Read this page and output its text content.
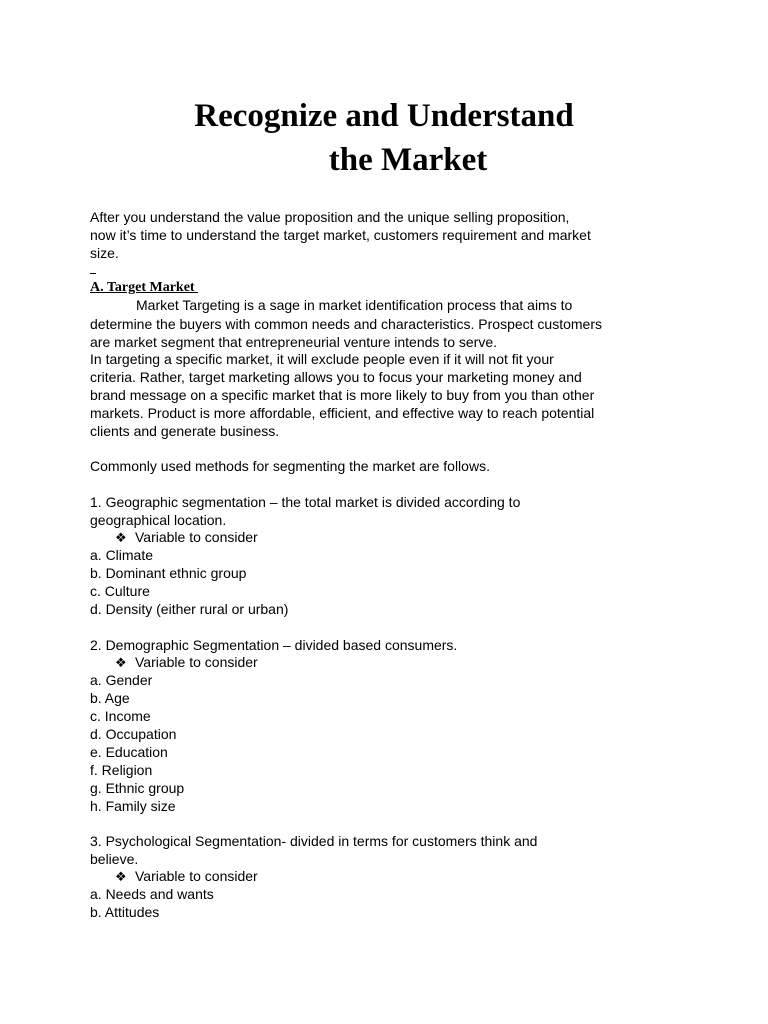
Recognize and Understand
the Market

After you understand the value proposition and the unique selling proposition,

now it’s time to understand the target market, customers requirement and market

size.

A. Target Market

Market Targeting is a sage in market identification process that aims to

determine the buyers with common needs and characteristics. Prospect customers

are market segment that entrepreneurial venture intends to serve.

In targeting a specific market, it will exclude people even if it will not fit your

criteria. Rather, target marketing allows you to focus your marketing money and

brand message on a specific market that is more likely to buy from you than other

markets. Product is more affordable, efficient, and effective way to reach potential

clients and generate business.

Commonly used methods for segmenting the market are follows.

1. Geographic segmentation – the total market is divided according to

geographical location.

❖ Variable to consider

a. Climate

b. Dominant ethnic group

c. Culture

d. Density (either rural or urban)

2. Demographic Segmentation – divided based consumers.

❖ Variable to consider

a. Gender

b. Age

c. Income

d. Occupation

e. Education

f. Religion

g. Ethnic group

h. Family size

3. Psychological Segmentation- divided in terms for customers think and

believe.

❖ Variable to consider

a. Needs and wants

b. Attitudes
